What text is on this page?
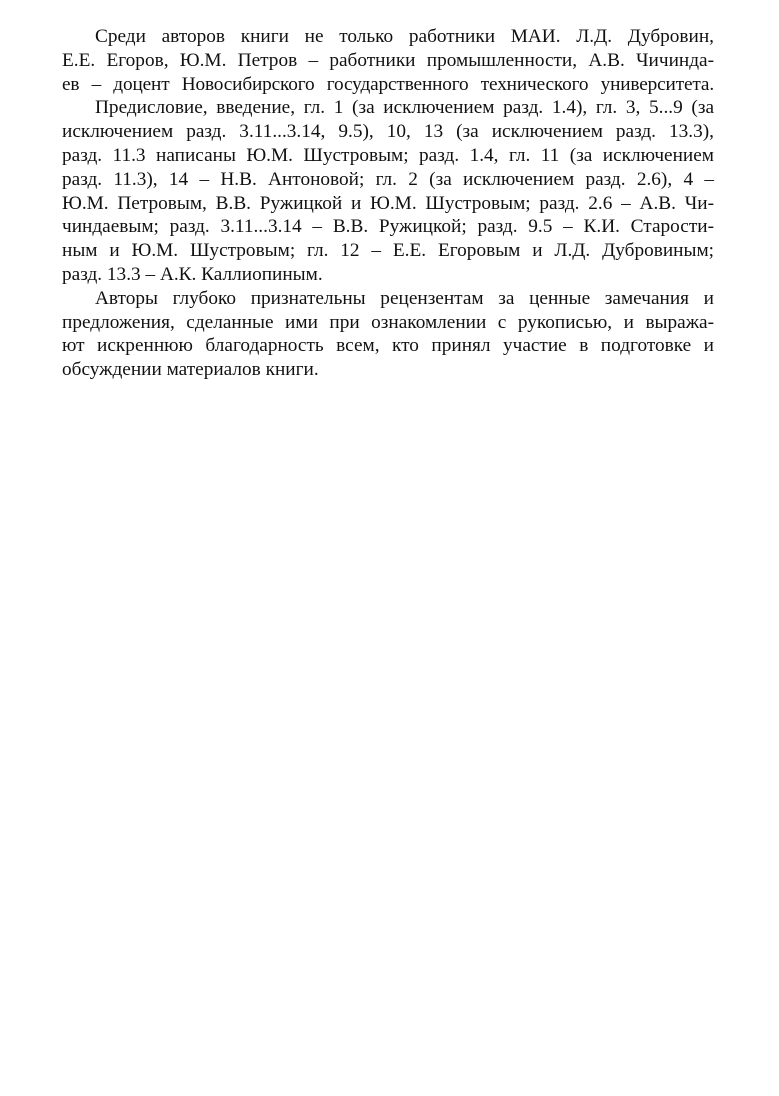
Среди авторов книги не только работники МАИ. Л.Д. Дубровин,
Е.Е. Егоров, Ю.М. Петров – работники промышленности, А.В. Чичинда-
ев – доцент Новосибирского государственного технического университета.
Предисловие, введение, гл. 1 (за исключением разд. 1.4), гл. 3, 5...9 (за
исключением разд. 3.11...3.14, 9.5), 10, 13 (за исключением разд. 13.3),
разд. 11.3 написаны Ю.М. Шустровым; разд. 1.4, гл. 11 (за исключением
разд. 11.3), 14 – Н.В. Антоновой; гл. 2 (за исключением разд. 2.6), 4 –
Ю.М. Петровым, В.В. Ружицкой и Ю.М. Шустровым; разд. 2.6 – А.В. Чи-
чиндаевым; разд. 3.11...3.14 – В.В. Ружицкой; разд. 9.5 – К.И. Старости-
ным и Ю.М. Шустровым; гл. 12 – Е.Е. Егоровым и Л.Д. Дубровиным;
разд. 13.3 – А.К. Каллиопиным.
Авторы глубоко признательны рецензентам за ценные замечания и
предложения, сделанные ими при ознакомлении с рукописью, и выража-
ют искреннюю благодарность всем, кто принял участие в подготовке и
обсуждении материалов книги.
